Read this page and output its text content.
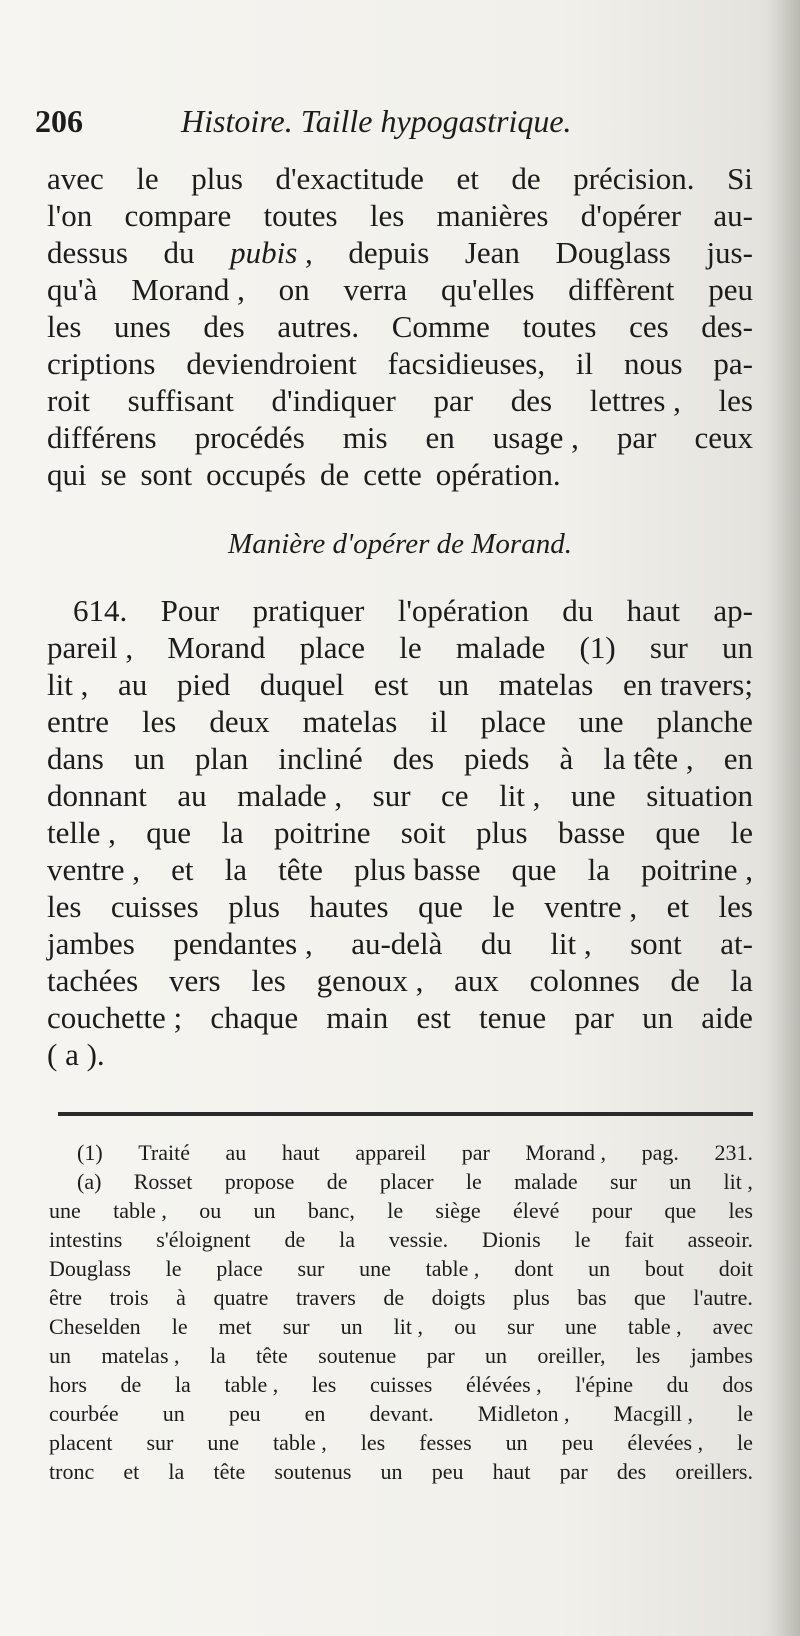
206	Histoire. Taille hypogastrique.
avec le plus d'exactitude et de précision. Si
l'on compare toutes les manières d'opérer au-
dessus du pubis , depuis Jean Douglass jus-
qu'à Morand , on verra qu'elles diffèrent peu
les unes des autres. Comme toutes ces des-
criptions deviendroient facsidieuses, il nous pa-
roit suffisant d'indiquer par des lettres , les
différens procédés mis en usage , par ceux
qui se sont occupés de cette opération.
Manière d'opérer de Morand.
614. Pour pratiquer l'opération du haut ap-
pareil , Morand place le malade (1) sur un
lit , au pied duquel est un matelas en travers;
entre les deux matelas il place une planche
dans un plan incliné des pieds à la tête , en
donnant au malade , sur ce lit , une situation
telle , que la poitrine soit plus basse que le
ventre , et la tête plus basse que la poitrine ,
les cuisses plus hautes que le ventre , et les
jambes pendantes , au-delà du lit , sont at-
tachées vers les genoux , aux colonnes de la
couchette ; chaque main est tenue par un aide
( a ).
(1) Traité au haut appareil par Morand , pag. 231.
(a) Rosset propose de placer le malade sur un lit ,
une table , ou un banc, le siège élevé pour que les
intestins s'éloignent de la vessie. Dionis le fait asseoir.
Douglass le place sur une table , dont un bout doit
être trois à quatre travers de doigts plus bas que l'autre.
Cheselden le met sur un lit , ou sur une table , avec
un matelas , la tête soutenue par un oreiller, les jambes
hors de la table , les cuisses élévées , l'épine du dos
courbée un peu en devant. Midleton , Macgill , le
placent sur une table , les fesses un peu élevées , le
tronc et la tête soutenus un peu haut par des oreillers.
